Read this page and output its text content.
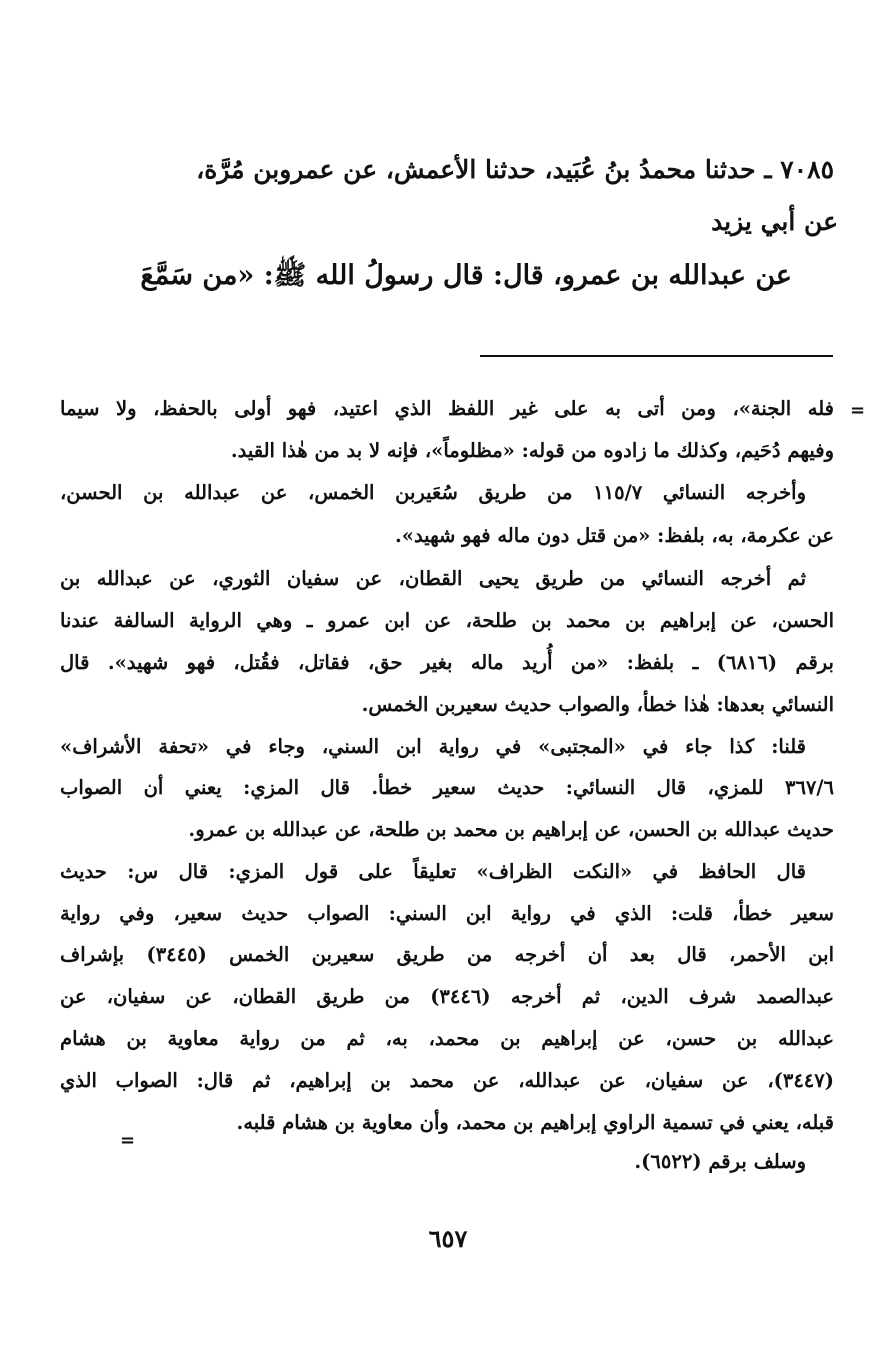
٧٠٨٥ ـ حدثنا محمدُ بنُ عُبَيد، حدثنا الأعمش، عن عمروبن مُرَّة،
عن أبي يزيد
عن عبدالله بن عمرو، قال: قال رسولُ الله ﷺ: «من سَمَّعَ
=
فله الجنة»، ومن أتى به على غير اللفظ الذي اعتيد، فهو أولى بالحفظ، ولا سيما
وفيهم دُحَيم، وكذلك ما زادوه من قوله: «مظلوماً»، فإنه لا بد من هٰذا القيد.
وأخرجه النسائي ١١٥/٧ من طريق سُعَيربن الخمس، عن عبدالله بن الحسن،
عن عكرمة، به، بلفظ: «من قتل دون ماله فهو شهيد».
ثم أخرجه النسائي من طريق يحيى القطان، عن سفيان الثوري، عن عبدالله بن
الحسن، عن إبراهيم بن محمد بن طلحة، عن ابن عمرو ـ وهي الرواية السالفة عندنا
برقم (٦٨١٦) ـ بلفظ: «من أُريد ماله بغير حق، فقاتل، فقُتل، فهو شهيد». قال
النسائي بعدها: هٰذا خطأ، والصواب حديث سعيربن الخمس.
قلنا: كذا جاء في «المجتبى» في رواية ابن السني، وجاء في «تحفة الأشراف»
٣٦٧/٦ للمزي، قال النسائي: حديث سعير خطأ. قال المزي: يعني أن الصواب
حديث عبدالله بن الحسن، عن إبراهيم بن محمد بن طلحة، عن عبدالله بن عمرو.
قال الحافظ في «النكت الظراف» تعليقاً على قول المزي: قال س: حديث
سعير خطأ، قلت: الذي في رواية ابن السني: الصواب حديث سعير، وفي رواية
ابن الأحمر، قال بعد أن أخرجه من طريق سعيربن الخمس (٣٤٤٥) بإشراف
عبدالصمد شرف الدين، ثم أخرجه (٣٤٤٦) من طريق القطان، عن سفيان، عن
عبدالله بن حسن، عن إبراهيم بن محمد، به، ثم من رواية معاوية بن هشام
(٣٤٤٧)، عن سفيان، عن عبدالله، عن محمد بن إبراهيم، ثم قال: الصواب الذي
قبله، يعني في تسمية الراوي إبراهيم بن محمد، وأن معاوية بن هشام قلبه.
وسلف برقم (٦٥٢٢).
=
٦٥٧
